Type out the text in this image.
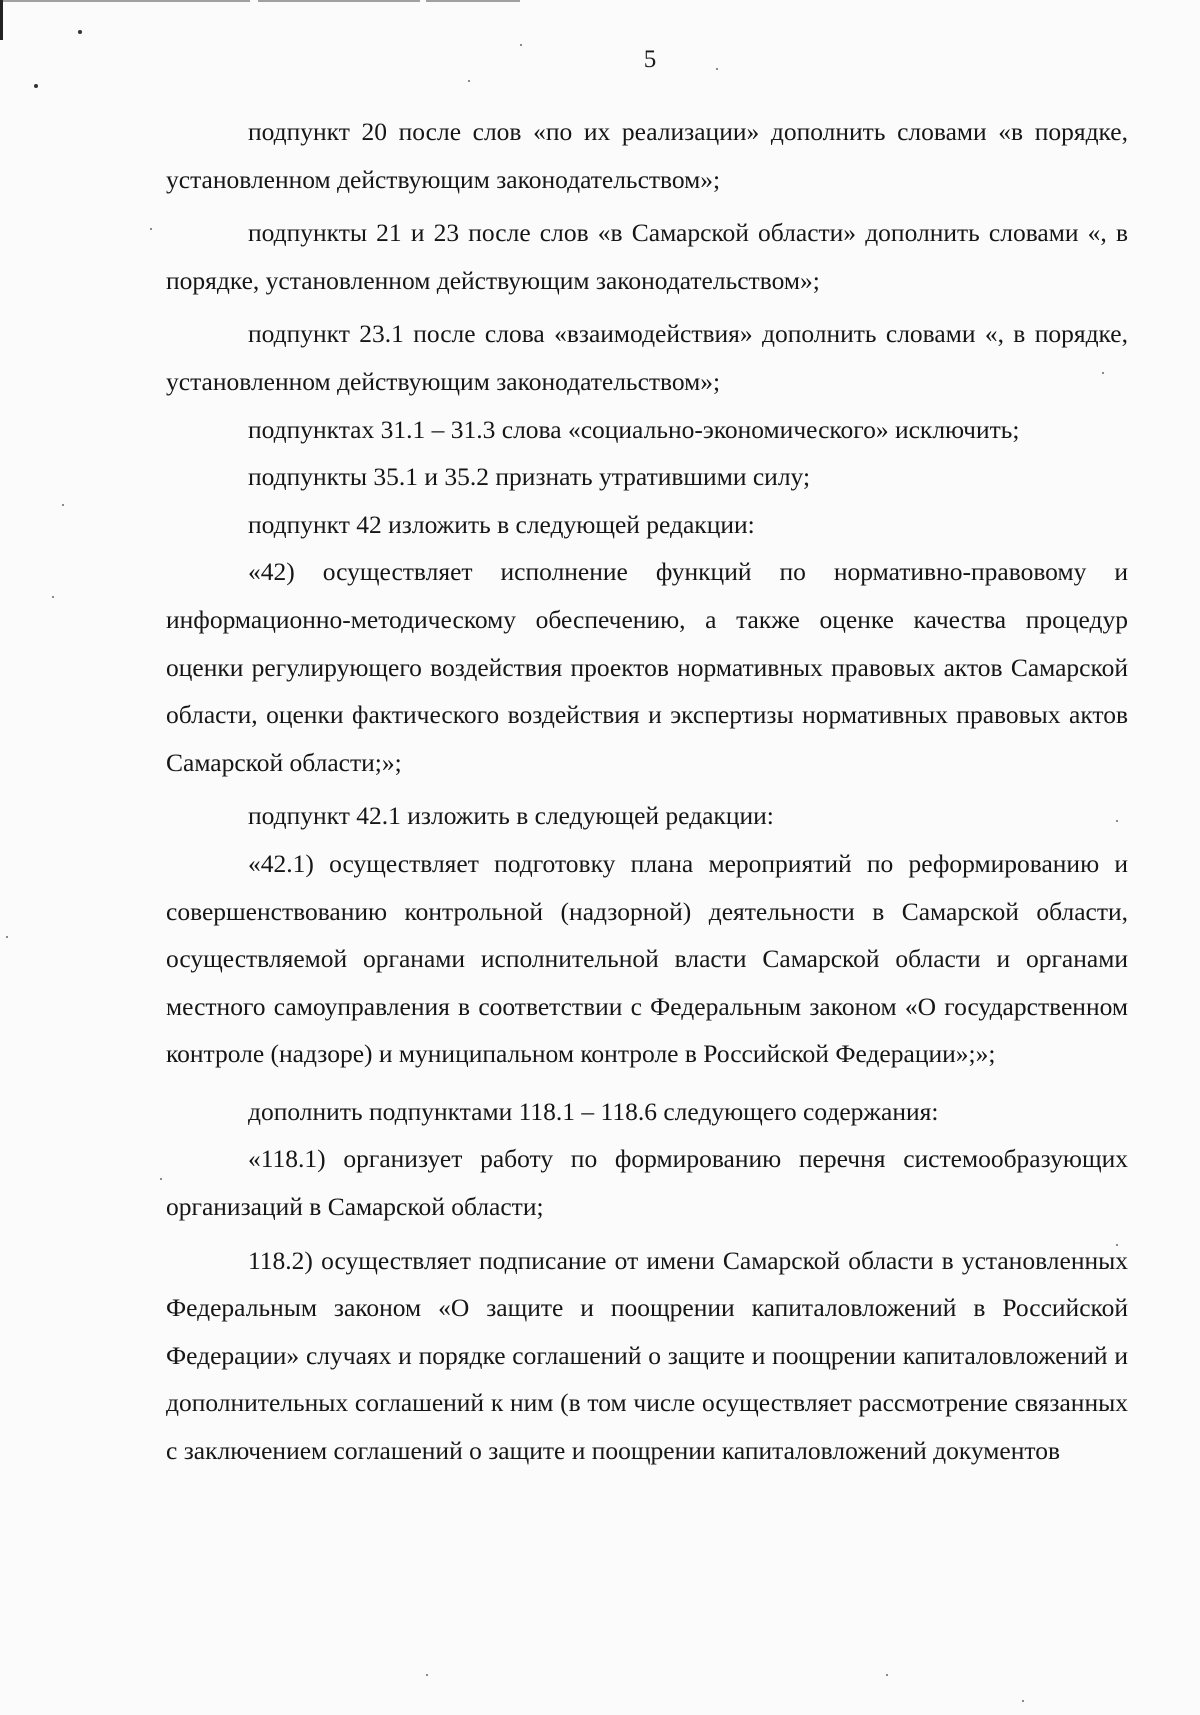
5

подпункт 20 после слов «по их реализации» дополнить словами «в порядке, установленном действующим законодательством»;

подпункты 21 и 23 после слов «в Самарской области» дополнить словами «, в порядке, установленном действующим законодательством»;

подпункт 23.1 после слова «взаимодействия» дополнить словами «, в порядке, установленном действующим законодательством»;

подпунктах 31.1 – 31.3 слова «социально-экономического» исключить;

подпункты 35.1 и 35.2 признать утратившими силу;

подпункт 42 изложить в следующей редакции:

«42) осуществляет исполнение функций по нормативно-правовому и информационно-методическому обеспечению, а также оценке качества процедур оценки регулирующего воздействия проектов нормативных правовых актов Самарской области, оценки фактического воздействия и экспертизы нормативных правовых актов Самарской области;»;

подпункт 42.1 изложить в следующей редакции:

«42.1) осуществляет подготовку плана мероприятий по реформированию и совершенствованию контрольной (надзорной) деятельности в Самарской области, осуществляемой органами исполнительной власти Самарской области и органами местного самоуправления в соответствии с Федеральным законом «О государственном контроле (надзоре) и муниципальном контроле в Российской Федерации»;»;

дополнить подпунктами 118.1 – 118.6 следующего содержания:

«118.1) организует работу по формированию перечня системообразующих организаций в Самарской области;

118.2) осуществляет подписание от имени Самарской области в установленных Федеральным законом «О защите и поощрении капиталовложений в Российской Федерации» случаях и порядке соглашений о защите и поощрении капиталовложений и дополнительных соглашений к ним (в том числе осуществляет рассмотрение связанных с заключением соглашений о защите и поощрении капиталовложений документов
